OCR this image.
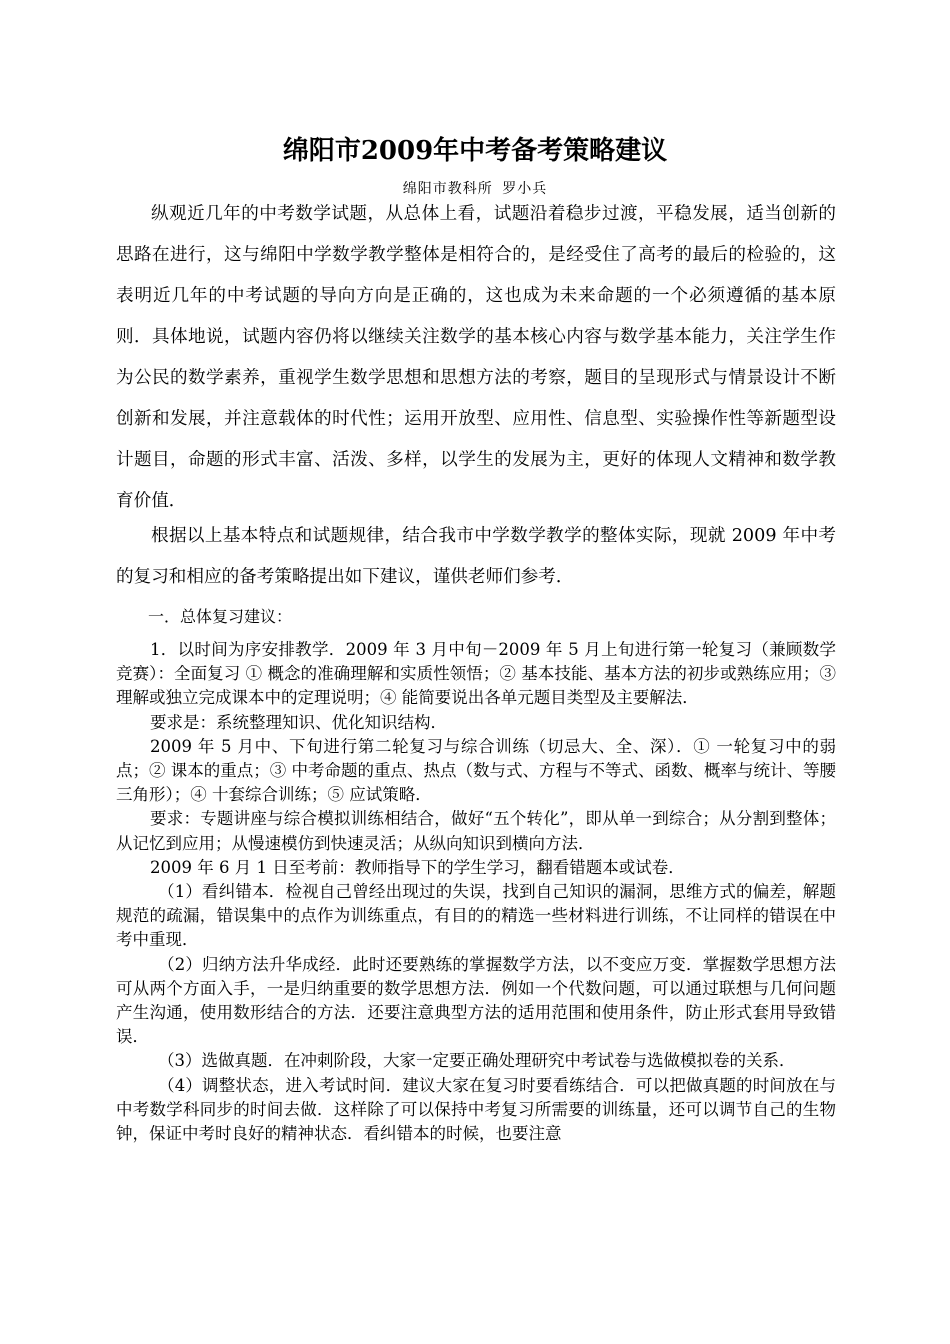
绵阳市2009年中考备考策略建议
绵阳市教科所 罗小兵

纵观近几年的中考数学试题，从总体上看，试题沿着稳步过渡，平稳发展，适当创新的思路在进行，这与绵阳中学数学教学整体是相符合的，是经受住了高考的最后的检验的，这表明近几年的中考试题的导向方向是正确的，这也成为未来命题的一个必须遵循的基本原则．具体地说，试题内容仍将以继续关注数学的基本核心内容与数学基本能力，关注学生作为公民的数学素养，重视学生数学思想和思想方法的考察，题目的呈现形式与情景设计不断创新和发展，并注意载体的时代性；运用开放型、应用性、信息型、实验操作性等新题型设计题目，命题的形式丰富、活泼、多样，以学生的发展为主，更好的体现人文精神和数学教育价值．

根据以上基本特点和试题规律，结合我市中学数学教学的整体实际，现就 2009 年中考的复习和相应的备考策略提出如下建议，谨供老师们参考．

一．总体复习建议：

1．以时间为序安排教学．2009 年 3 月中旬－2009 年 5 月上旬进行第一轮复习（兼顾数学竞赛）：全面复习 ① 概念的准确理解和实质性领悟；② 基本技能、基本方法的初步或熟练应用；③ 理解或独立完成课本中的定理说明；④ 能简要说出各单元题目类型及主要解法．

要求是：系统整理知识、优化知识结构．

2009 年 5 月中、下旬进行第二轮复习与综合训练（切忌大、全、深）．① 一轮复习中的弱点；② 课本的重点；③ 中考命题的重点、热点（数与式、方程与不等式、函数、概率与统计、等腰三角形）；④ 十套综合训练；⑤ 应试策略．

要求：专题讲座与综合模拟训练相结合，做好“五个转化”，即从单一到综合；从分割到整体；从记忆到应用；从慢速模仿到快速灵活；从纵向知识到横向方法．

2009 年 6 月 1 日至考前：教师指导下的学生学习，翻看错题本或试卷．

（1）看纠错本．检视自己曾经出现过的失误，找到自己知识的漏洞，思维方式的偏差，解题规范的疏漏，错误集中的点作为训练重点，有目的的精选一些材料进行训练，不让同样的错误在中考中重现．

（2）归纳方法升华成经．此时还要熟练的掌握数学方法，以不变应万变．掌握数学思想方法可从两个方面入手，一是归纳重要的数学思想方法．例如一个代数问题，可以通过联想与几何问题产生沟通，使用数形结合的方法．还要注意典型方法的适用范围和使用条件，防止形式套用导致错误．

（3）选做真题．在冲刺阶段，大家一定要正确处理研究中考试卷与选做模拟卷的关系．

（4）调整状态，进入考试时间．建议大家在复习时要看练结合．可以把做真题的时间放在与中考数学科同步的时间去做．这样除了可以保持中考复习所需要的训练量，还可以调节自己的生物钟，保证中考时良好的精神状态．看纠错本的时候，也要注意
